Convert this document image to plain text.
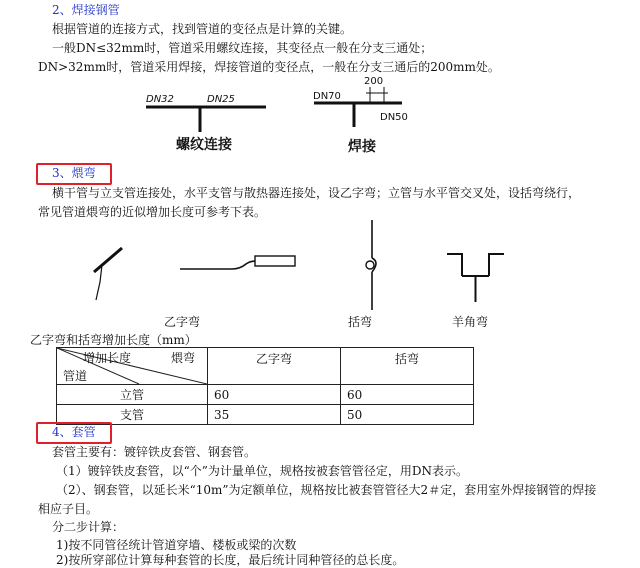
2、焊接钢管
根据管道的连接方式，找到管道的变径点是计算的关键。
一般DN≤32mm时，管道采用螺纹连接，其变径点一般在分支三通处；
DN>32mm时，管道采用焊接，焊接管道的变径点，一般在分支三通后的200mm处。
DN32	DN25
螺纹连接
200
DN70
DN50
焊接
3、煨弯
横干管与立支管连接处，水平支管与散热器连接处，设乙字弯；立管与水平管交叉处，设括弯绕行，
常见管道煨弯的近似增加长度可参考下表。
乙字弯	括弯	羊角弯
乙字弯和括弯增加长度（mm）
增加长度 煨弯
管道	乙字弯	括弯
立管	60	60
支管	35	50
4、套管
套管主要有：镀锌铁皮套管、钢套管。
（1）镀锌铁皮套管，以“个”为计量单位，规格按被套管管径定，用DN表示。
（2）、钢套管，以延长米“10m”为定额单位，规格按比被套管管径大2＃定，套用室外焊接钢管的焊接
相应子目。
分二步计算：
1)按不同管径统计管道穿墙、楼板或梁的次数
2)按所穿部位计算每种套管的长度，最后统计同种管径的总长度。
